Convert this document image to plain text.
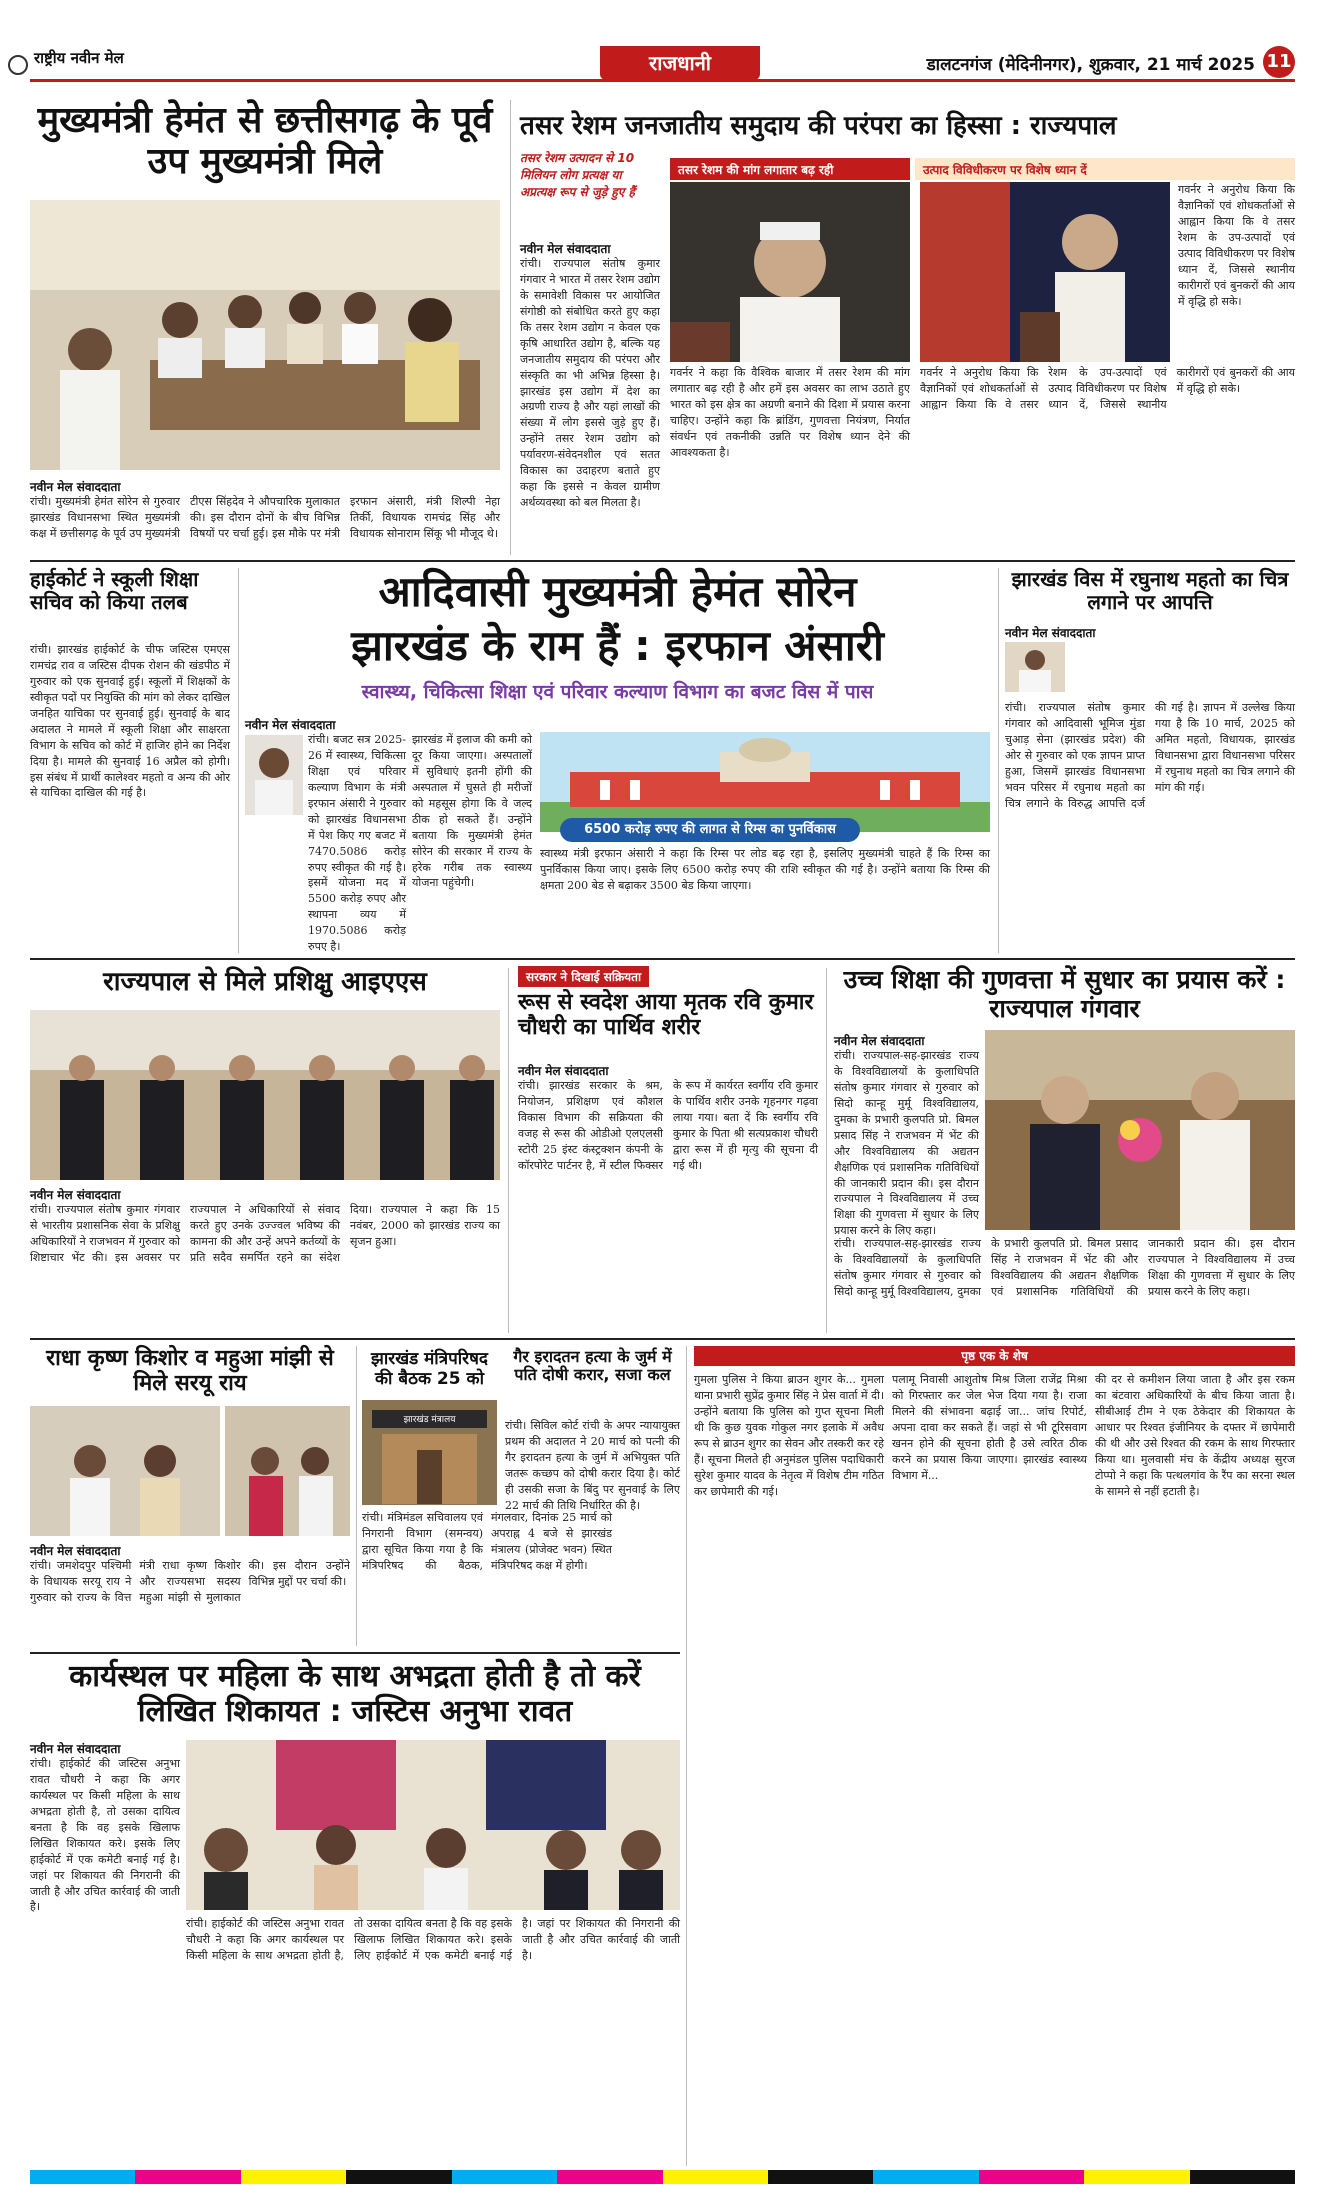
राष्ट्रीय नवीन मेल	राजधानी	डालटनगंज (मेदिनीनगर), शुक्रवार, 21 मार्च 2025 11
मुख्यमंत्री हेमंत से छत्तीसगढ़ के पूर्व उप मुख्यमंत्री मिले
नवीन मेल संवाददाता
रांची। मुख्यमंत्री हेमंत सोरेन से गुरुवार झारखंड विधानसभा स्थित मुख्यमंत्री कक्ष में छत्तीसगढ़ के पूर्व उप मुख्यमंत्री टीएस सिंहदेव ने औपचारिक मुलाकात की। इस दौरान दोनों के बीच विभिन्न विषयों पर चर्चा हुई। इस मौके पर मंत्री इरफान अंसारी, मंत्री शिल्पी नेहा तिर्की, विधायक रामचंद्र सिंह और विधायक सोनाराम सिंकू भी मौजूद थे।
तसर रेशम जनजातीय समुदाय की परंपरा का हिस्सा : राज्यपाल
तसर रेशम उत्पादन से 10 मिलियन लोग प्रत्यक्ष या अप्रत्यक्ष रूप से जुड़े हुए हैं
तसर रेशम की मांग लगातार बढ़ रही	उत्पाद विविधीकरण पर विशेष ध्यान दें
नवीन मेल संवाददाता
रांची। राज्यपाल संतोष कुमार गंगवार ने भारत में तसर रेशम उद्योग के समावेशी विकास पर आयोजित संगोष्ठी को संबोधित करते हुए कहा कि तसर रेशम उद्योग न केवल एक कृषि आधारित उद्योग है, बल्कि यह जनजातीय समुदाय की परंपरा और संस्कृति का भी अभिन्न हिस्सा है। झारखंड इस उद्योग में देश का अग्रणी राज्य है और यहां लाखों की संख्या में लोग इससे जुड़े हुए हैं। उन्होंने तसर रेशम उद्योग को पर्यावरण-संवेदनशील एवं सतत विकास का उदाहरण बताते हुए कहा कि इससे न केवल ग्रामीण अर्थव्यवस्था को बल मिलता है।
गवर्नर ने कहा कि वैश्विक बाजार में तसर रेशम की मांग लगातार बढ़ रही है और हमें इस अवसर का लाभ उठाते हुए भारत को इस क्षेत्र का अग्रणी बनाने की दिशा में प्रयास करना चाहिए। उन्होंने कहा कि ब्रांडिंग, गुणवत्ता नियंत्रण, निर्यात संवर्धन एवं तकनीकी उन्नति पर विशेष ध्यान देने की आवश्यकता है।
गवर्नर ने अनुरोध किया कि वैज्ञानिकों एवं शोधकर्ताओं से आह्वान किया कि वे तसर रेशम के उप-उत्पादों एवं उत्पाद विविधीकरण पर विशेष ध्यान दें, जिससे स्थानीय कारीगरों एवं बुनकरों की आय में वृद्धि हो सके।
गवर्नर ने अनुरोध किया कि वैज्ञानिकों एवं शोधकर्ताओं से आह्वान किया कि वे तसर रेशम के उप-उत्पादों एवं उत्पाद विविधीकरण पर विशेष ध्यान दें, जिससे स्थानीय कारीगरों एवं बुनकरों की आय में वृद्धि हो सके।
हाईकोर्ट ने स्कूली शिक्षा सचिव को किया तलब
रांची। झारखंड हाईकोर्ट के चीफ जस्टिस एमएस रामचंद्र राव व जस्टिस दीपक रोशन की खंडपीठ में गुरुवार को एक सुनवाई हुई। स्कूलों में शिक्षकों के स्वीकृत पदों पर नियुक्ति की मांग को लेकर दाखिल जनहित याचिका पर सुनवाई हुई। सुनवाई के बाद अदालत ने मामले में स्कूली शिक्षा और साक्षरता विभाग के सचिव को कोर्ट में हाजिर होने का निर्देश दिया है। मामले की सुनवाई 16 अप्रैल को होगी। इस संबंध में प्रार्थी कालेश्वर महतो व अन्य की ओर से याचिका दाखिल की गई है।
आदिवासी मुख्यमंत्री हेमंत सोरेन
झारखंड के राम हैं : इरफान अंसारी
स्वास्थ्य, चिकित्सा शिक्षा एवं परिवार कल्याण विभाग का बजट विस में पास
नवीन मेल संवाददाता
रांची। बजट सत्र 2025-26 में स्वास्थ्य, चिकित्सा शिक्षा एवं परिवार कल्याण विभाग के मंत्री इरफान अंसारी ने गुरुवार को झारखंड विधानसभा में पेश किए गए बजट में 7470.5086 करोड़ रुपए स्वीकृत की गई है। इसमें योजना मद में 5500 करोड़ रुपए और स्थापना व्यय में 1970.5086 करोड़ रुपए है।
झारखंड में इलाज की कमी को दूर किया जाएगा। अस्पतालों में सुविधाएं इतनी होंगी की अस्पताल में घुसते ही मरीजों को महसूस होगा कि वे जल्द ठीक हो सकते हैं। उन्होंने बताया कि मुख्यमंत्री हेमंत सोरेन की सरकार में राज्य के हरेक गरीब तक स्वास्थ्य योजना पहुंचेगी।
6500 करोड़ रुपए की लागत से रिम्स का पुनर्विकास
स्वास्थ्य मंत्री इरफान अंसारी ने कहा कि रिम्स पर लोड बढ़ रहा है, इसलिए मुख्यमंत्री चाहते हैं कि रिम्स का पुनर्विकास किया जाए। इसके लिए 6500 करोड़ रुपए की राशि स्वीकृत की गई है। उन्होंने बताया कि रिम्स की क्षमता 200 बेड से बढ़ाकर 3500 बेड किया जाएगा।
झारखंड विस में रघुनाथ महतो का चित्र लगाने पर आपत्ति
नवीन मेल संवाददाता
रांची। राज्यपाल संतोष कुमार गंगवार को आदिवासी भूमिज मुंडा चुआड़ सेना (झारखंड प्रदेश) की ओर से गुरुवार को एक ज्ञापन प्राप्त हुआ, जिसमें झारखंड विधानसभा भवन परिसर में रघुनाथ महतो का चित्र लगाने के विरुद्ध आपत्ति दर्ज की गई है। ज्ञापन में उल्लेख किया गया है कि 10 मार्च, 2025 को अमित महतो, विधायक, झारखंड विधानसभा द्वारा विधानसभा परिसर में रघुनाथ महतो का चित्र लगाने की मांग की गई।
राज्यपाल से मिले प्रशिक्षु आइएएस
नवीन मेल संवाददाता
रांची। राज्यपाल संतोष कुमार गंगवार से भारतीय प्रशासनिक सेवा के प्रशिक्षु अधिकारियों ने राजभवन में गुरुवार को शिष्टाचार भेंट की। इस अवसर पर राज्यपाल ने अधिकारियों से संवाद करते हुए उनके उज्ज्वल भविष्य की कामना की और उन्हें अपने कर्तव्यों के प्रति सदैव समर्पित रहने का संदेश दिया। राज्यपाल ने कहा कि 15 नवंबर, 2000 को झारखंड राज्य का सृजन हुआ।
सरकार ने दिखाई सक्रियता
रूस से स्वदेश आया मृतक रवि कुमार चौधरी का पार्थिव शरीर
नवीन मेल संवाददाता
रांची। झारखंड सरकार के श्रम, नियोजन, प्रशिक्षण एवं कौशल विकास विभाग की सक्रियता की वजह से रूस की ओडीओ एलएलसी स्टोरी 25 इंस्ट कंस्ट्रक्शन कंपनी के कॉरपोरेट पार्टनर है, में स्टील फिक्सर के रूप में कार्यरत स्वर्गीय रवि कुमार के पार्थिव शरीर उनके गृहनगर गढ़वा लाया गया। बता दें कि स्वर्गीय रवि कुमार के पिता श्री सत्यप्रकाश चौधरी द्वारा रूस में ही मृत्यु की सूचना दी गई थी।
उच्च शिक्षा की गुणवत्ता में सुधार का प्रयास करें : राज्यपाल गंगवार
नवीन मेल संवाददाता
रांची। राज्यपाल-सह-झारखंड राज्य के विश्वविद्यालयों के कुलाधिपति संतोष कुमार गंगवार से गुरुवार को सिदो कान्हू मुर्मू विश्वविद्यालय, दुमका के प्रभारी कुलपति प्रो. बिमल प्रसाद सिंह ने राजभवन में भेंट की और विश्वविद्यालय की अद्यतन शैक्षणिक एवं प्रशासनिक गतिविधियों की जानकारी प्रदान की। इस दौरान राज्यपाल ने विश्वविद्यालय में उच्च शिक्षा की गुणवत्ता में सुधार के लिए प्रयास करने के लिए कहा।
रांची। राज्यपाल-सह-झारखंड राज्य के विश्वविद्यालयों के कुलाधिपति संतोष कुमार गंगवार से गुरुवार को सिदो कान्हू मुर्मू विश्वविद्यालय, दुमका के प्रभारी कुलपति प्रो. बिमल प्रसाद सिंह ने राजभवन में भेंट की और विश्वविद्यालय की अद्यतन शैक्षणिक एवं प्रशासनिक गतिविधियों की जानकारी प्रदान की। इस दौरान राज्यपाल ने विश्वविद्यालय में उच्च शिक्षा की गुणवत्ता में सुधार के लिए प्रयास करने के लिए कहा।
राधा कृष्ण किशोर व महुआ मांझी से मिले सरयू राय
नवीन मेल संवाददाता
रांची। जमशेदपुर पश्चिमी के विधायक सरयू राय ने गुरुवार को राज्य के वित्त मंत्री राधा कृष्ण किशोर और राज्यसभा सदस्य महुआ मांझी से मुलाकात की। इस दौरान उन्होंने विभिन्न मुद्दों पर चर्चा की।
झारखंड मंत्रिपरिषद की बैठक 25 को
झारखंड मंत्रालय
रांची। मंत्रिमंडल सचिवालय एवं निगरानी विभाग (समन्वय) द्वारा सूचित किया गया है कि मंत्रिपरिषद की बैठक, मंगलवार, दिनांक 25 मार्च को अपराह्न 4 बजे से झारखंड मंत्रालय (प्रोजेक्ट भवन) स्थित मंत्रिपरिषद कक्ष में होगी।
गैर इरादतन हत्या के जुर्म में पति दोषी करार, सजा कल
रांची। सिविल कोर्ट रांची के अपर न्यायायुक्त प्रथम की अदालत ने 20 मार्च को पत्नी की गैर इरादतन हत्या के जुर्म में अभियुक्त पति जतरू कच्छप को दोषी करार दिया है। कोर्ट ही उसकी सजा के बिंदु पर सुनवाई के लिए 22 मार्च की तिथि निर्धारित की है।
पृष्ठ एक के शेष
गुमला पुलिस ने किया ब्राउन शुगर के... गुमला थाना प्रभारी सुप्रेंद्र कुमार सिंह ने प्रेस वार्ता में दी। उन्होंने बताया कि पुलिस को गुप्त सूचना मिली थी कि कुछ युवक गोकुल नगर इलाके में अवैध रूप से ब्राउन शुगर का सेवन और तस्करी कर रहे हैं। सूचना मिलते ही अनुमंडल पुलिस पदाधिकारी सुरेश कुमार यादव के नेतृत्व में विशेष टीम गठित कर छापेमारी की गई।
पलामू निवासी आशुतोष मिश्र जिला राजेंद्र मिश्रा को गिरफ्तार कर जेल भेज दिया गया है। राजा मिलने की संभावना बढ़ाई जा... जांच रिपोर्ट, अपना दावा कर सकते हैं। जहां से भी टूरिसवाग खनन होने की सूचना होती है उसे त्वरित ठीक करने का प्रयास किया जाएगा। झारखंड स्वास्थ्य विभाग में...
की दर से कमीशन लिया जाता है और इस रकम का बंटवारा अधिकारियों के बीच किया जाता है। सीबीआई टीम ने एक ठेकेदार की शिकायत के आधार पर रिश्वत इंजीनियर के दफ्तर में छापेमारी की थी और उसे रिश्वत की रकम के साथ गिरफ्तार किया था। मुलवासी मंच के केंद्रीय अध्यक्ष सुरज टोप्पो ने कहा कि पत्थलगांव के रैंप का सरना स्थल के सामने से नहीं हटाती है।
कार्यस्थल पर महिला के साथ अभद्रता होती है तो करें लिखित शिकायत : जस्टिस अनुभा रावत
नवीन मेल संवाददाता
रांची। हाईकोर्ट की जस्टिस अनुभा रावत चौधरी ने कहा कि अगर कार्यस्थल पर किसी महिला के साथ अभद्रता होती है, तो उसका दायित्व बनता है कि वह इसके खिलाफ लिखित शिकायत करे। इसके लिए हाईकोर्ट में एक कमेटी बनाई गई है। जहां पर शिकायत की निगरानी की जाती है और उचित कार्रवाई की जाती है।
रांची। हाईकोर्ट की जस्टिस अनुभा रावत चौधरी ने कहा कि अगर कार्यस्थल पर किसी महिला के साथ अभद्रता होती है, तो उसका दायित्व बनता है कि वह इसके खिलाफ लिखित शिकायत करे। इसके लिए हाईकोर्ट में एक कमेटी बनाई गई है। जहां पर शिकायत की निगरानी की जाती है और उचित कार्रवाई की जाती है।
